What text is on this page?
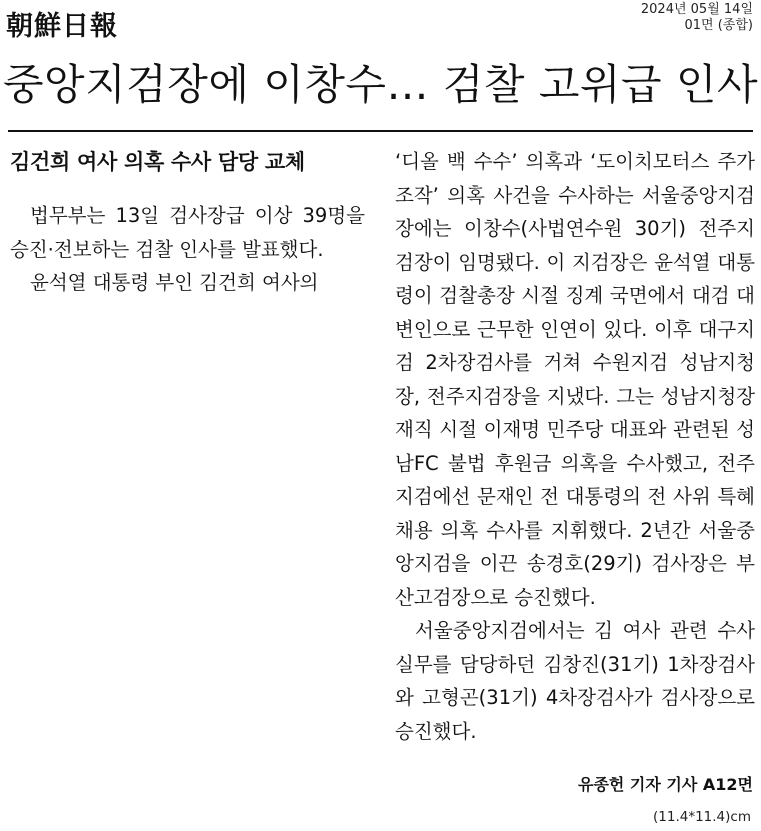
朝鮮日報
2024년 05월 14일
01면 (종합)
중앙지검장에 이창수… 검찰 고위급 인사
김건희 여사 의혹 수사 담당 교체

법무부는 13일 검사장급 이상 39명을 승진·전보하는 검찰 인사를 발표했다.

윤석열 대통령 부인 김건희 여사의

‘디올 백 수수’ 의혹과 ‘도이치모터스 주가조작’ 의혹 사건을 수사하는 서울중앙지검장에는 이창수(사법연수원 30기) 전주지검장이 임명됐다. 이 지검장은 윤석열 대통령이 검찰총장 시절 징계 국면에서 대검 대변인으로 근무한 인연이 있다. 이후 대구지검 2차장검사를 거쳐 수원지검 성남지청장, 전주지검장을 지냈다. 그는 성남지청장 재직 시절 이재명 민주당 대표와 관련된 성남FC 불법 후원금 의혹을 수사했고, 전주지검에선 문재인 전 대통령의 전 사위 특혜 채용 의혹 수사를 지휘했다. 2년간 서울중앙지검을 이끈 송경호(29기) 검사장은 부산고검장으로 승진했다.

서울중앙지검에서는 김 여사 관련 수사 실무를 담당하던 김창진(31기) 1차장검사와 고형곤(31기) 4차장검사가 검사장으로 승진했다.

유종헌 기자 기사 A12면
(11.4*11.4)cm
